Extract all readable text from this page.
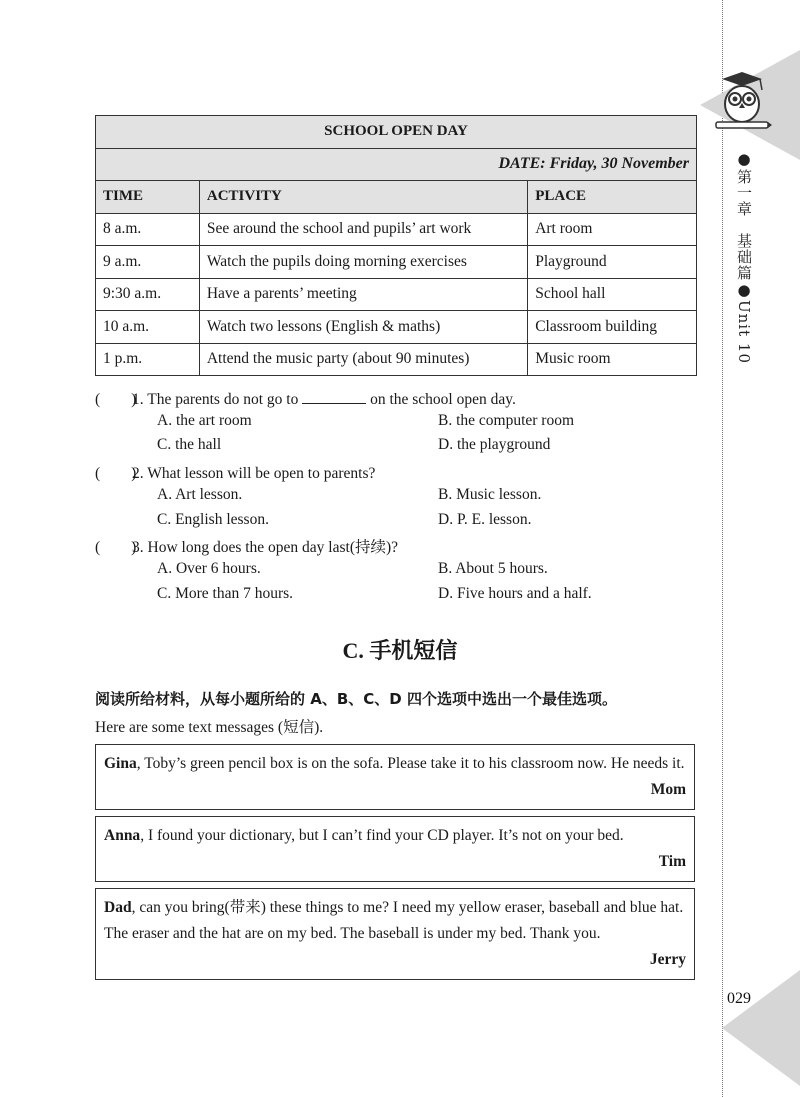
●第一章　基础篇●Unit 10
029
SCHOOL OPEN DAY		
DATE: Friday, 30 November		
TIME	ACTIVITY	PLACE
8 a.m.	See around the school and pupils’ art work	Art room
9 a.m.	Watch the pupils doing morning exercises	Playground
9:30 a.m.	Have a parents’ meeting	School hall
10 a.m.	Watch two lessons (English & maths)	Classroom building
1 p.m.	Attend the music party (about 90 minutes)	Music room
(　　)1. The parents do not go to	on the school open day.
A. the art room	B. the computer room
C. the hall	D. the playground
(　　)2. What lesson will be open to parents?
A. Art lesson.	B. Music lesson.
C. English lesson.	D. P. E. lesson.
(　　)3. How long does the open day last(持续)?
A. Over 6 hours.	B. About 5 hours.
C. More than 7 hours.	D. Five hours and a half.
C. 手机短信
阅读所给材料，从每小题所给的 A、B、C、D 四个选项中选出一个最佳选项。
Here are some text messages (短信).
Gina, Toby’s green pencil box is on the sofa. Please take it to his classroom now. He needs it.
Mom
Anna, I found your dictionary, but I can’t find your CD player. It’s not on your bed.
Tim
Dad, can you bring(带来) these things to me? I need my yellow eraser, baseball and blue hat. The eraser and the hat are on my bed. The baseball is under my bed. Thank you.
Jerry
